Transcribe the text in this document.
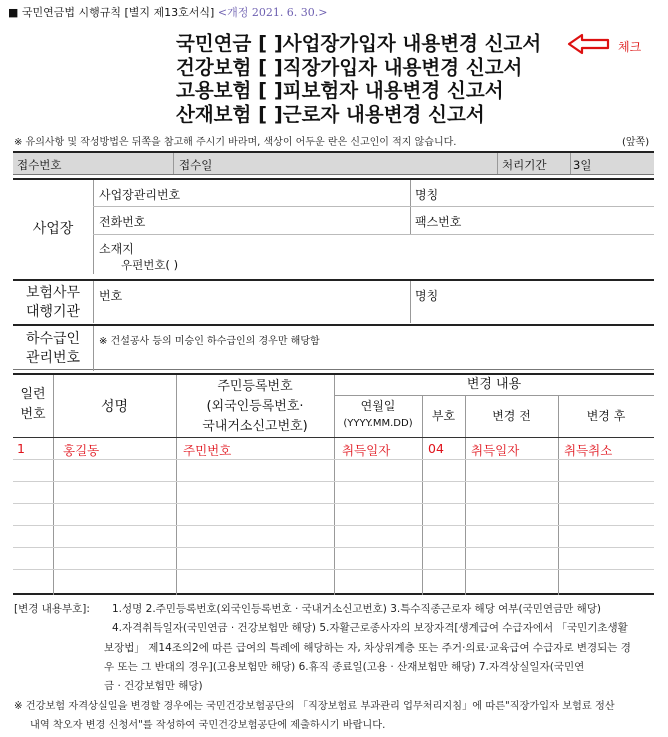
■ 국민연금법 시행규칙 [별지 제13호서식] <개정 2021. 6. 30.>
국민연금 [ ]사업장가입자 내용변경 신고서
건강보험 [ ]직장가입자 내용변경 신고서
고용보험 [ ]피보험자 내용변경 신고서
산재보험 [ ]근로자 내용변경 신고서
체크
※ 유의사항 및 작성방법은 뒤쪽을 참고해 주시기 바라며, 색상이 어두운 란은 신고인이 적지 않습니다.	(앞쪽)
접수번호	접수일	처리기간 3일
사업장
사업장관리번호	명칭
전화번호	팩스번호
소재지
우편번호( )
보험사무
대행기관
번호	명칭
하수급인
관리번호
※ 건설공사 등의 미승인 하수급인의 경우만 해당함
일련
번호	성명
주민등록번호
(외국인등록번호·
국내거소신고번호)
변경 내용
연월일
(YYYY.MM.DD)
부호	변경 전	변경 후
1	홍길동	주민번호	취득일자	04 취득일자	취득취소
[변경 내용부호]: 1.성명 2.주민등록번호(외국인등록번호 · 국내거소신고번호) 3.특수직종근로자 해당 여부(국민연금만 해당)
4.자격취득일자(국민연금 · 건강보험만 해당) 5.자활근로종사자의 보장자격[생계급여 수급자에서 「국민기초생활
보장법」 제14조의2에 따른 급여의 특례에 해당하는 자, 차상위계층 또는 주거·의료·교육급여 수급자로 변경되는 경
우 또는 그 반대의 경우](고용보험만 해당) 6.휴직 종료일(고용 · 산재보험만 해당) 7.자격상실일자(국민연
금 · 건강보험만 해당)
※ 건강보험 자격상실일을 변경할 경우에는 국민건강보험공단의 「직장보험료 부과관리 업무처리지침」에 따른"직장가입자 보험료 정산
내역 착오자 변경 신청서"를 작성하여 국민건강보험공단에 제출하시기 바랍니다.
